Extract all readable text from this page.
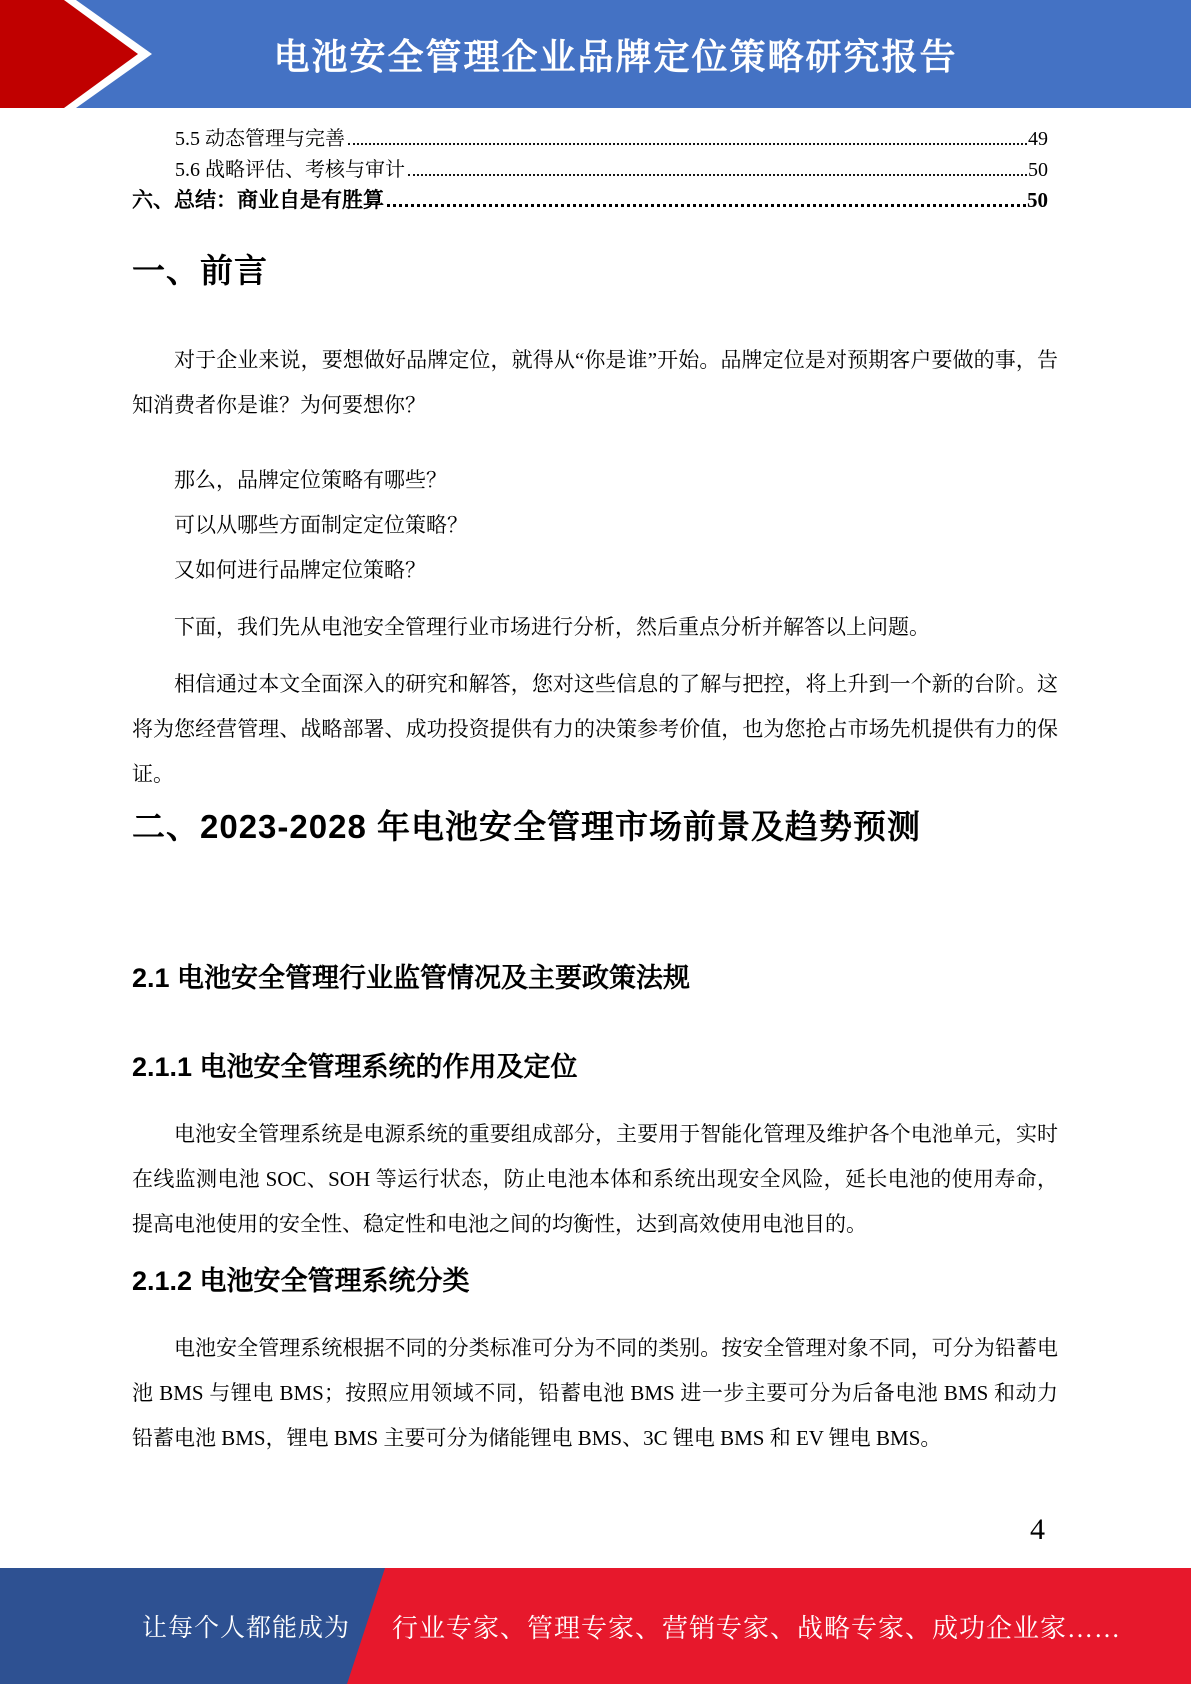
电池安全管理企业品牌定位策略研究报告
5.5 动态管理与完善	49
5.6 战略评估、考核与审计	50
六、总结：商业自是有胜算	50
一、前言

对于企业来说，要想做好品牌定位，就得从“你是谁”开始。品牌定位是对预期客户要做的事，告知消费者你是谁？为何要想你？

那么，品牌定位策略有哪些？
可以从哪些方面制定定位策略？
又如何进行品牌定位策略？

下面，我们先从电池安全管理行业市场进行分析，然后重点分析并解答以上问题。

相信通过本文全面深入的研究和解答，您对这些信息的了解与把控，将上升到一个新的台阶。这将为您经营管理、战略部署、成功投资提供有力的决策参考价值，也为您抢占市场先机提供有力的保证。

二、2023-2028 年电池安全管理市场前景及趋势预测
2.1 电池安全管理行业监管情况及主要政策法规
2.1.1 电池安全管理系统的作用及定位

电池安全管理系统是电源系统的重要组成部分，主要用于智能化管理及维护各个电池单元，实时在线监测电池 SOC、SOH 等运行状态，防止电池本体和系统出现安全风险，延长电池的使用寿命，提高电池使用的安全性、稳定性和电池之间的均衡性，达到高效使用电池目的。

2.1.2 电池安全管理系统分类

电池安全管理系统根据不同的分类标准可分为不同的类别。按安全管理对象不同，可分为铅蓄电池 BMS 与锂电 BMS；按照应用领域不同，铅蓄电池 BMS 进一步主要可分为后备电池 BMS 和动力铅蓄电池 BMS，锂电 BMS 主要可分为储能锂电 BMS、3C 锂电 BMS 和 EV 锂电 BMS。

4
让每个人都能成为 行业专家、管理专家、营销专家、战略专家、成功企业家……
